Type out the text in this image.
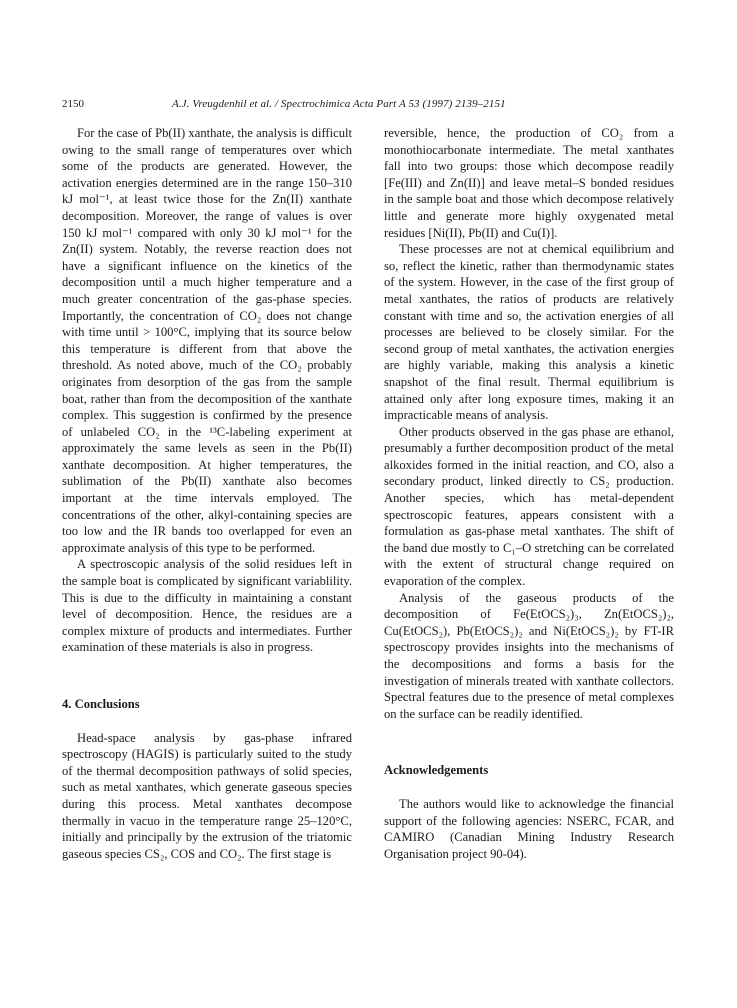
2150	A.J. Vreugdenhil et al. / Spectrochimica Acta Part A 53 (1997) 2139–2151

For the case of Pb(II) xanthate, the analysis is difficult owing to the small range of temperatures over which some of the products are generated. However, the activation energies determined are in the range 150–310 kJ mol⁻¹, at least twice those for the Zn(II) xanthate decomposition. Moreover, the range of values is over 150 kJ mol⁻¹ compared with only 30 kJ mol⁻¹ for the Zn(II) system. Notably, the reverse reaction does not have a significant influence on the kinetics of the decomposition until a much higher temperature and a much greater concentration of the gas-phase species. Importantly, the concentration of CO₂ does not change with time until > 100°C, implying that its source below this temperature is different from that above the threshold. As noted above, much of the CO₂ probably originates from desorption of the gas from the sample boat, rather than from the decomposition of the xanthate complex. This suggestion is confirmed by the presence of unlabeled CO₂ in the ¹³C-labeling experiment at approximately the same levels as seen in the Pb(II) xanthate decomposition. At higher temperatures, the sublimation of the Pb(II) xanthate also becomes important at the time intervals employed. The concentrations of the other, alkyl-containing species are too low and the IR bands too overlapped for even an approximate analysis of this type to be performed.

A spectroscopic analysis of the solid residues left in the sample boat is complicated by significant variablility. This is due to the difficulty in maintaining a constant level of decomposition. Hence, the residues are a complex mixture of products and intermediates. Further examination of these materials is also in progress.

4. Conclusions

Head-space analysis by gas-phase infrared spectroscopy (HAGIS) is particularly suited to the study of the thermal decomposition pathways of solid species, such as metal xanthates, which generate gaseous species during this process. Metal xanthates decompose thermally in vacuo in the temperature range 25–120°C, initially and principally by the extrusion of the triatomic gaseous species CS₂, COS and CO₂. The first stage is

reversible, hence, the production of CO₂ from a monothiocarbonate intermediate. The metal xanthates fall into two groups: those which decompose readily [Fe(III) and Zn(II)] and leave metal–S bonded residues in the sample boat and those which decompose relatively little and generate more highly oxygenated metal residues [Ni(II), Pb(II) and Cu(I)].

These processes are not at chemical equilibrium and so, reflect the kinetic, rather than thermodynamic states of the system. However, in the case of the first group of metal xanthates, the ratios of products are relatively constant with time and so, the activation energies of all processes are believed to be closely similar. For the second group of metal xanthates, the activation energies are highly variable, making this analysis a kinetic snapshot of the final result. Thermal equilibrium is attained only after long exposure times, making it an impracticable means of analysis.

Other products observed in the gas phase are ethanol, presumably a further decomposition product of the metal alkoxides formed in the initial reaction, and CO, also a secondary product, linked directly to CS₂ production. Another species, which has metal-dependent spectroscopic features, appears consistent with a formulation as gas-phase metal xanthates. The shift of the band due mostly to C₁–O stretching can be correlated with the extent of structural change required on evaporation of the complex.

Analysis of the gaseous products of the decomposition of Fe(EtOCS₂)₃, Zn(EtOCS₂)₂, Cu(EtOCS₂), Pb(EtOCS₂)₂ and Ni(EtOCS₂)₂ by FT-IR spectroscopy provides insights into the mechanisms of the decompositions and forms a basis for the investigation of minerals treated with xanthate collectors. Spectral features due to the presence of metal complexes on the surface can be readily identified.

Acknowledgements

The authors would like to acknowledge the financial support of the following agencies: NSERC, FCAR, and CAMIRO (Canadian Mining Industry Research Organisation project 90-04).
